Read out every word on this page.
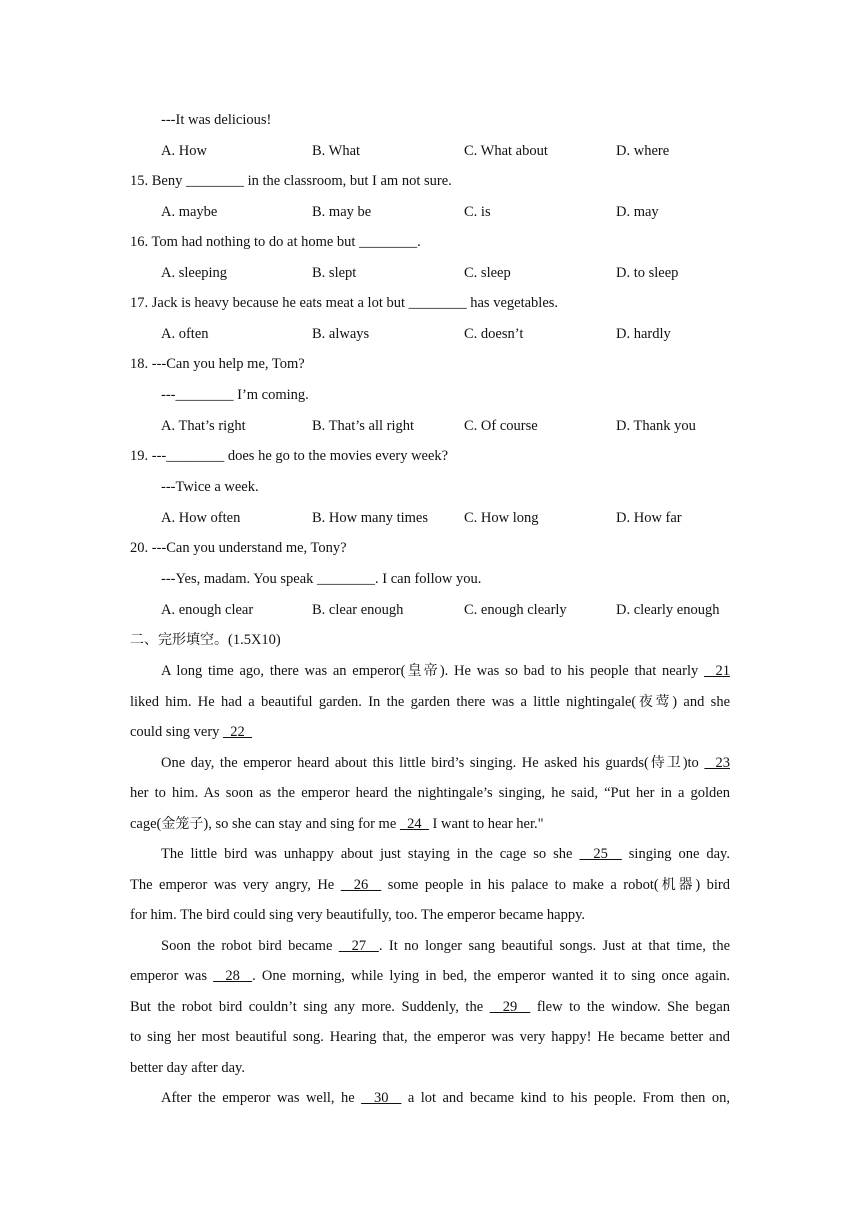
---It was delicious!
A. How	B. What	C. What about	D. where
15. Beny ________ in the classroom, but I am not sure.
A. maybe	B. may be	C. is	D. may
16. Tom had nothing to do at home but ________.
A. sleeping	B. slept	C. sleep	D. to sleep
17. Jack is heavy because he eats meat a lot but ________ has vegetables.
A. often	B. always	C. doesn’t	D. hardly
18. ---Can you help me, Tom?
---________ I’m coming.
A. That’s right	B. That’s all right	C. Of course	D. Thank you
19. ---________ does he go to the movies every week?
---Twice a week.
A. How often	B. How many times C. How long	D. How far
20. ---Can you understand me, Tony?
---Yes, madam. You speak ________. I can follow you.
A. enough clear	B. clear enough	C. enough clearly	D. clearly enough
二、完形填空。(1.5X10)
A long time ago, there was an emperor(皇帝). He was so bad to his people that nearly   21
liked him. He had a beautiful garden. In the garden there was a little nightingale(夜莺) and she
could sing very   22
One day, the emperor heard about this little bird’s singing. He asked his guards(侍卫)to   23
her to him. As soon as the emperor heard the nightingale’s singing, he said, “Put her in a golden
cage(金笼子), so she can stay and sing for me   24   I want to hear her."
The little bird was unhappy about just staying in the cage so she   25   singing one day.
The emperor was very angry, He   26   some people in his palace to make a robot(机器) bird
for him. The bird could sing very beautifully, too. The emperor became happy.
Soon the robot bird became   27  . It no longer sang beautiful songs. Just at that time, the
emperor was   28  . One morning, while lying in bed, the emperor wanted it to sing once again.
But the robot bird couldn’t sing any more. Suddenly, the   29   flew to the window. She began
to sing her most beautiful song. Hearing that, the emperor was very happy! He became better and
better day after day.
After the emperor was well, he   30   a lot and became kind to his people. From then on,
